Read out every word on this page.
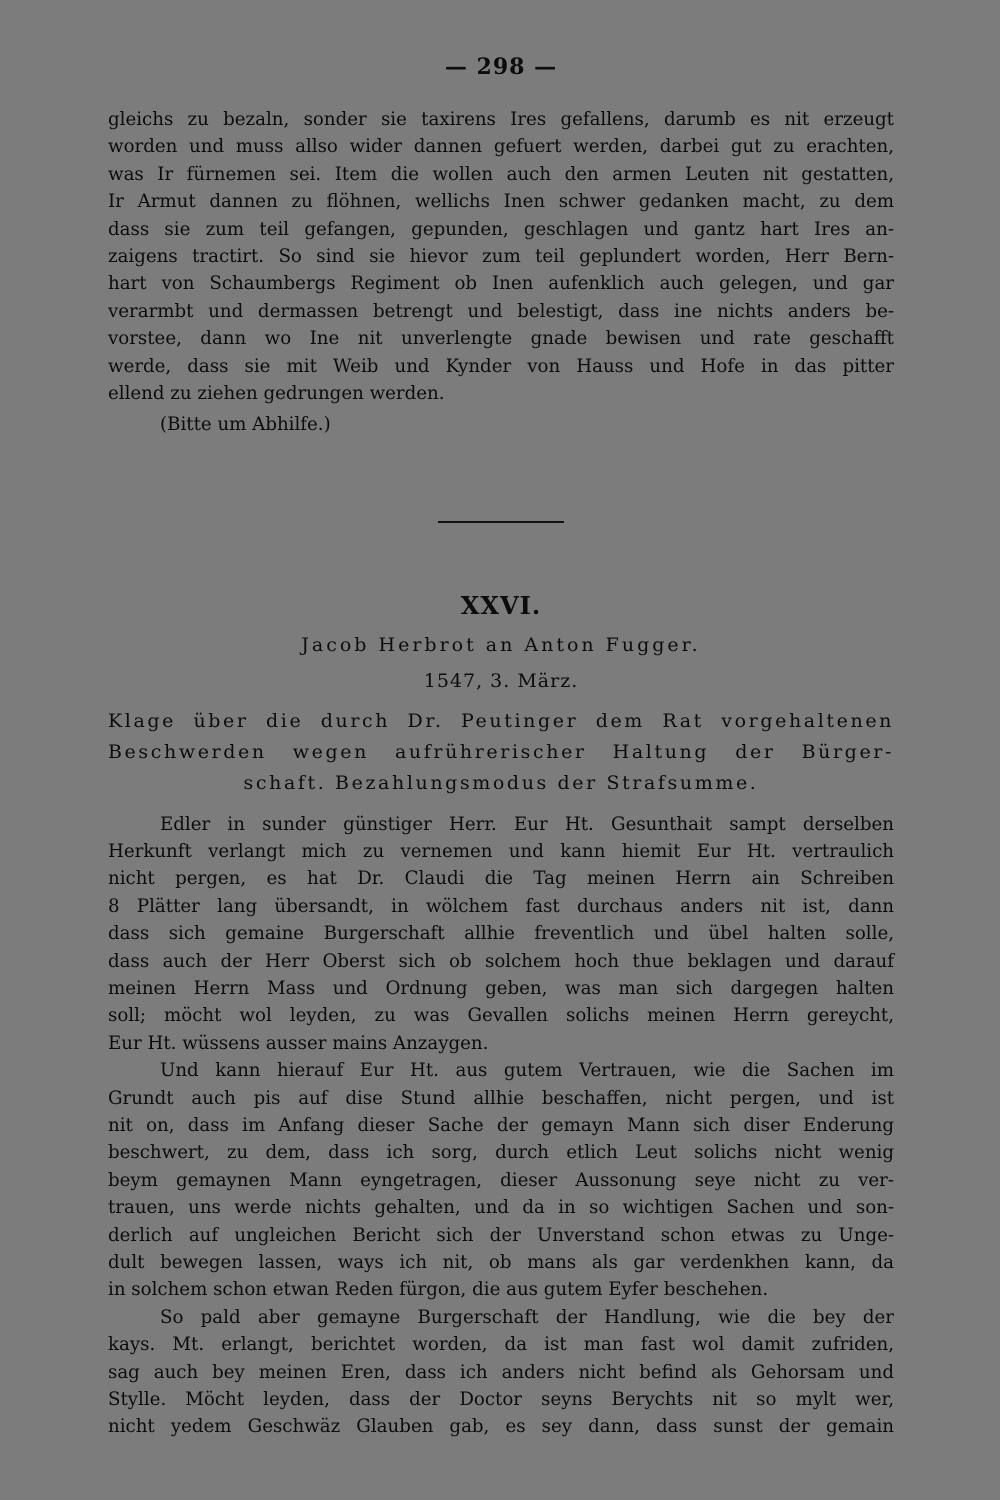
— 298 —
gleichs zu bezaln, sonder sie taxirens Ires gefallens, darumb es nit erzeugt
worden und muss allso wider dannen gefuert werden, darbei gut zu erachten,
was Ir fürnemen sei. Item die wollen auch den armen Leuten nit gestatten,
Ir Armut dannen zu flöhnen, wellichs Inen schwer gedanken macht, zu dem
dass sie zum teil gefangen, gepunden, geschlagen und gantz hart Ires an-
zaigens tractirt. So sind sie hievor zum teil geplundert worden, Herr Bern-
hart von Schaumbergs Regiment ob Inen aufenklich auch gelegen, und gar
verarmbt und dermassen betrengt und belestigt, dass ine nichts anders be-
vorstee, dann wo Ine nit unverlengte gnade bewisen und rate geschafft
werde, dass sie mit Weib und Kynder von Hauss und Hofe in das pitter
ellend zu ziehen gedrungen werden.
(Bitte um Abhilfe.)
XXVI.
Jacob Herbrot an Anton Fugger.
1547, 3. März.
Klage über die durch Dr. Peutinger dem Rat vorgehaltenen
Beschwerden wegen aufrührerischer Haltung der Bürger-
schaft. Bezahlungsmodus der Strafsumme.
Edler in sunder günstiger Herr. Eur Ht. Gesunthait sampt derselben
Herkunft verlangt mich zu vernemen und kann hiemit Eur Ht. vertraulich
nicht pergen, es hat Dr. Claudi die Tag meinen Herrn ain Schreiben
8 Plätter lang übersandt, in wölchem fast durchaus anders nit ist, dann
dass sich gemaine Burgerschaft allhie freventlich und übel halten solle,
dass auch der Herr Oberst sich ob solchem hoch thue beklagen und darauf
meinen Herrn Mass und Ordnung geben, was man sich dargegen halten
soll; möcht wol leyden, zu was Gevallen solichs meinen Herrn gereycht,
Eur Ht. wüssens ausser mains Anzaygen.
Und kann hierauf Eur Ht. aus gutem Vertrauen, wie die Sachen im
Grundt auch pis auf dise Stund allhie beschaffen, nicht pergen, und ist
nit on, dass im Anfang dieser Sache der gemayn Mann sich diser Enderung
beschwert, zu dem, dass ich sorg, durch etlich Leut solichs nicht wenig
beym gemaynen Mann eyngetragen, dieser Aussonung seye nicht zu ver-
trauen, uns werde nichts gehalten, und da in so wichtigen Sachen und son-
derlich auf ungleichen Bericht sich der Unverstand schon etwas zu Unge-
dult bewegen lassen, ways ich nit, ob mans als gar verdenkhen kann, da
in solchem schon etwan Reden fürgon, die aus gutem Eyfer beschehen.
So pald aber gemayne Burgerschaft der Handlung, wie die bey der
kays. Mt. erlangt, berichtet worden, da ist man fast wol damit zufriden,
sag auch bey meinen Eren, dass ich anders nicht befind als Gehorsam und
Stylle. Möcht leyden, dass der Doctor seyns Berychts nit so mylt wer,
nicht yedem Geschwäz Glauben gab, es sey dann, dass sunst der gemain
